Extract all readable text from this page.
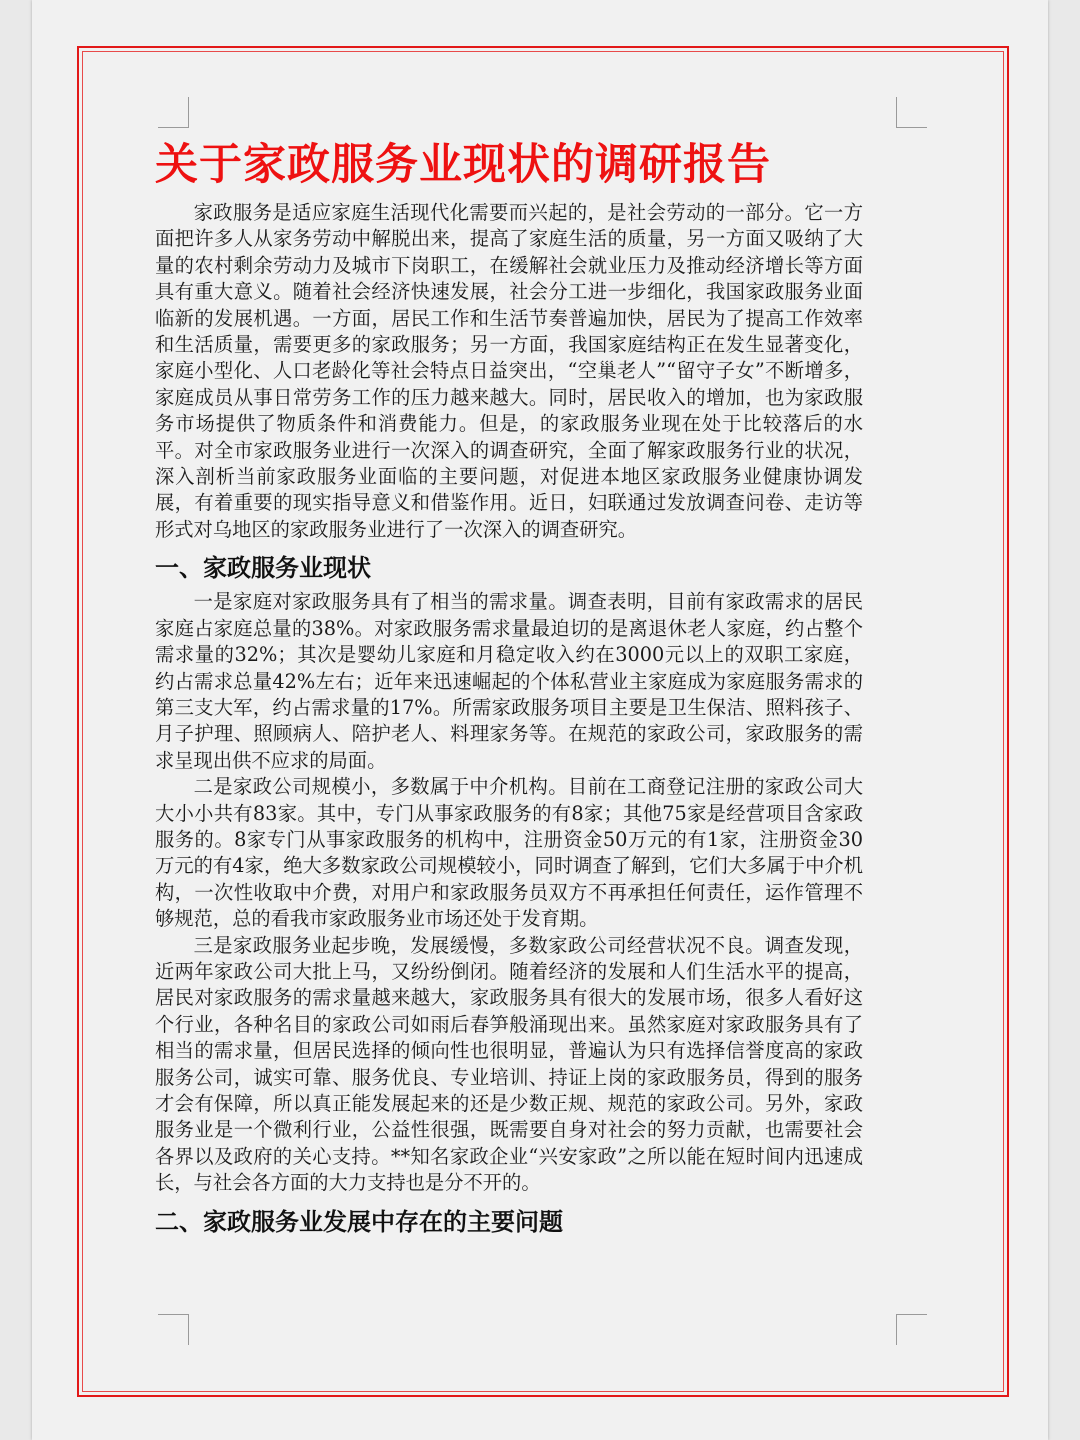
关于家政服务业现状的调研报告

家政服务是适应家庭生活现代化需要而兴起的，是社会劳动的一部分。它一方面把许多人从家务劳动中解脱出来，提高了家庭生活的质量，另一方面又吸纳了大量的农村剩余劳动力及城市下岗职工，在缓解社会就业压力及推动经济增长等方面具有重大意义。随着社会经济快速发展，社会分工进一步细化，我国家政服务业面临新的发展机遇。一方面，居民工作和生活节奏普遍加快，居民为了提高工作效率和生活质量，需要更多的家政服务；另一方面，我国家庭结构正在发生显著变化，家庭小型化、人口老龄化等社会特点日益突出，“空巢老人”“留守子女”不断增多，家庭成员从事日常劳务工作的压力越来越大。同时，居民收入的增加，也为家政服务市场提供了物质条件和消费能力。但是，的家政服务业现在处于比较落后的水平。对全市家政服务业进行一次深入的调查研究，全面了解家政服务行业的状况，深入剖析当前家政服务业面临的主要问题，对促进本地区家政服务业健康协调发展，有着重要的现实指导意义和借鉴作用。近日，妇联通过发放调查问卷、走访等形式对乌地区的家政服务业进行了一次深入的调查研究。

一、家政服务业现状

一是家庭对家政服务具有了相当的需求量。调查表明，目前有家政需求的居民家庭占家庭总量的38%。对家政服务需求量最迫切的是离退休老人家庭，约占整个需求量的32%；其次是婴幼儿家庭和月稳定收入约在3000元以上的双职工家庭，约占需求总量42%左右；近年来迅速崛起的个体私营业主家庭成为家庭服务需求的第三支大军，约占需求量的17%。所需家政服务项目主要是卫生保洁、照料孩子、月子护理、照顾病人、陪护老人、料理家务等。在规范的家政公司，家政服务的需求呈现出供不应求的局面。

二是家政公司规模小，多数属于中介机构。目前在工商登记注册的家政公司大大小小共有83家。其中，专门从事家政服务的有8家；其他75家是经营项目含家政服务的。8家专门从事家政服务的机构中，注册资金50万元的有1家，注册资金30万元的有4家，绝大多数家政公司规模较小，同时调查了解到，它们大多属于中介机构，一次性收取中介费，对用户和家政服务员双方不再承担任何责任，运作管理不够规范，总的看我市家政服务业市场还处于发育期。

三是家政服务业起步晚，发展缓慢，多数家政公司经营状况不良。调查发现，近两年家政公司大批上马，又纷纷倒闭。随着经济的发展和人们生活水平的提高，居民对家政服务的需求量越来越大，家政服务具有很大的发展市场，很多人看好这个行业，各种名目的家政公司如雨后春笋般涌现出来。虽然家庭对家政服务具有了相当的需求量，但居民选择的倾向性也很明显，普遍认为只有选择信誉度高的家政服务公司，诚实可靠、服务优良、专业培训、持证上岗的家政服务员，得到的服务才会有保障，所以真正能发展起来的还是少数正规、规范的家政公司。另外，家政服务业是一个微利行业，公益性很强，既需要自身对社会的努力贡献，也需要社会各界以及政府的关心支持。**知名家政企业“兴安家政”之所以能在短时间内迅速成长，与社会各方面的大力支持也是分不开的。

二、家政服务业发展中存在的主要问题
